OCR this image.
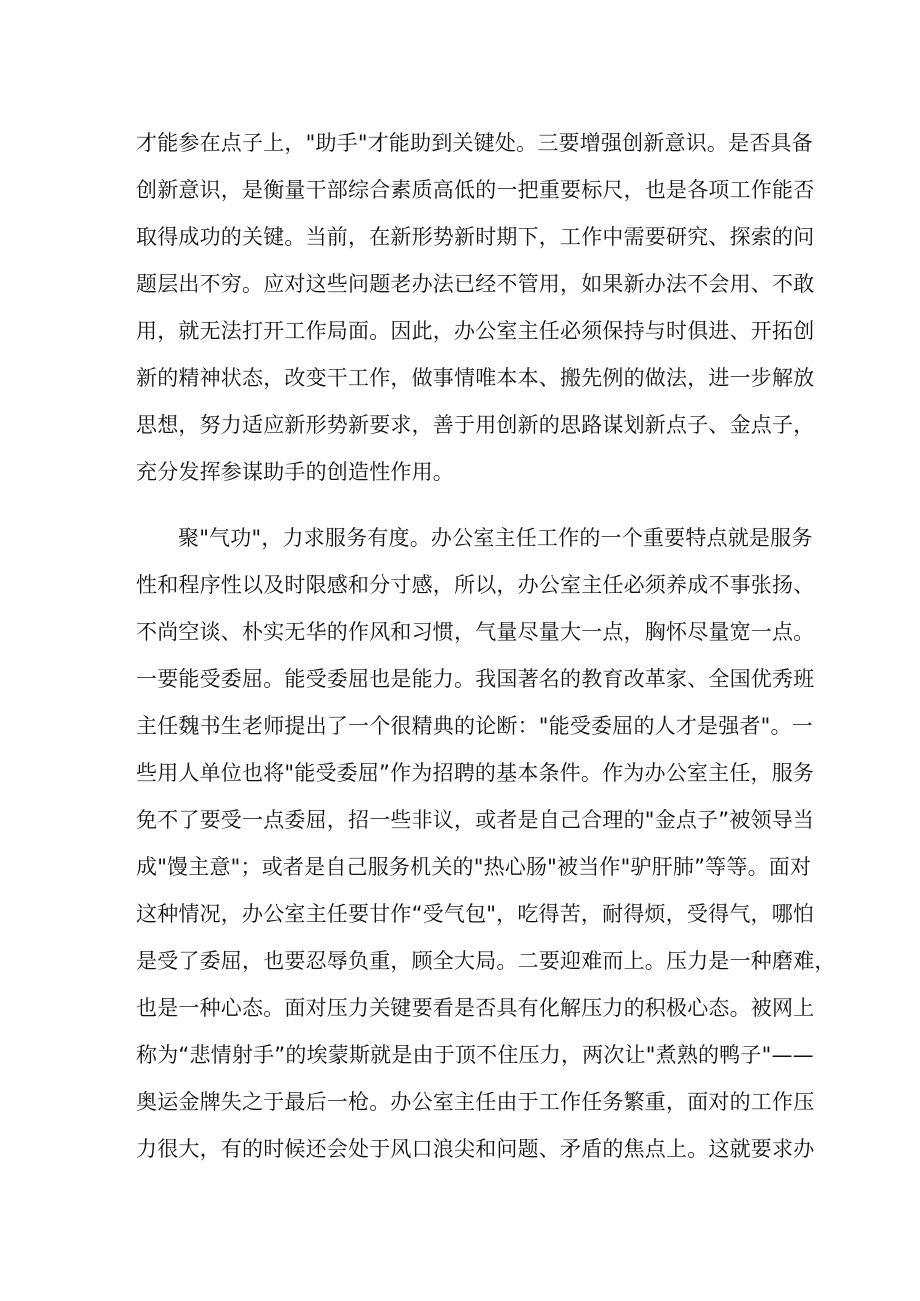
才能参在点子上，"助手"才能助到关键处。三要增强创新意识。是否具备
创新意识，是衡量干部综合素质高低的一把重要标尺，也是各项工作能否
取得成功的关键。当前，在新形势新时期下，工作中需要研究、探索的问
题层出不穷。应对这些问题老办法已经不管用，如果新办法不会用、不敢
用，就无法打开工作局面。因此，办公室主任必须保持与时俱进、开拓创
新的精神状态，改变干工作，做事情唯本本、搬先例的做法，进一步解放
思想，努力适应新形势新要求，善于用创新的思路谋划新点子、金点子，
充分发挥参谋助手的创造性作用。
聚"气功"，力求服务有度。办公室主任工作的一个重要特点就是服务
性和程序性以及时限感和分寸感，所以，办公室主任必须养成不事张扬、
不尚空谈、朴实无华的作风和习惯，气量尽量大一点，胸怀尽量宽一点。
一要能受委屈。能受委屈也是能力。我国著名的教育改革家、全国优秀班
主任魏书生老师提出了一个很精典的论断："能受委屈的人才是强者"。一
些用人单位也将"能受委屈”作为招聘的基本条件。作为办公室主任，服务
免不了要受一点委屈，招一些非议，或者是自己合理的"金点子”被领导当
成"馒主意"；或者是自己服务机关的"热心肠"被当作"驴肝肺”等等。面对
这种情况，办公室主任要甘作“受气包"，吃得苦，耐得烦，受得气，哪怕
是受了委屈，也要忍辱负重，顾全大局。二要迎难而上。压力是一种磨难，
也是一种心态。面对压力关键要看是否具有化解压力的积极心态。被网上
称为“悲情射手”的埃蒙斯就是由于顶不住压力，两次让"煮熟的鸭子"——
奥运金牌失之于最后一枪。办公室主任由于工作任务繁重，面对的工作压
力很大，有的时候还会处于风口浪尖和问题、矛盾的焦点上。这就要求办
